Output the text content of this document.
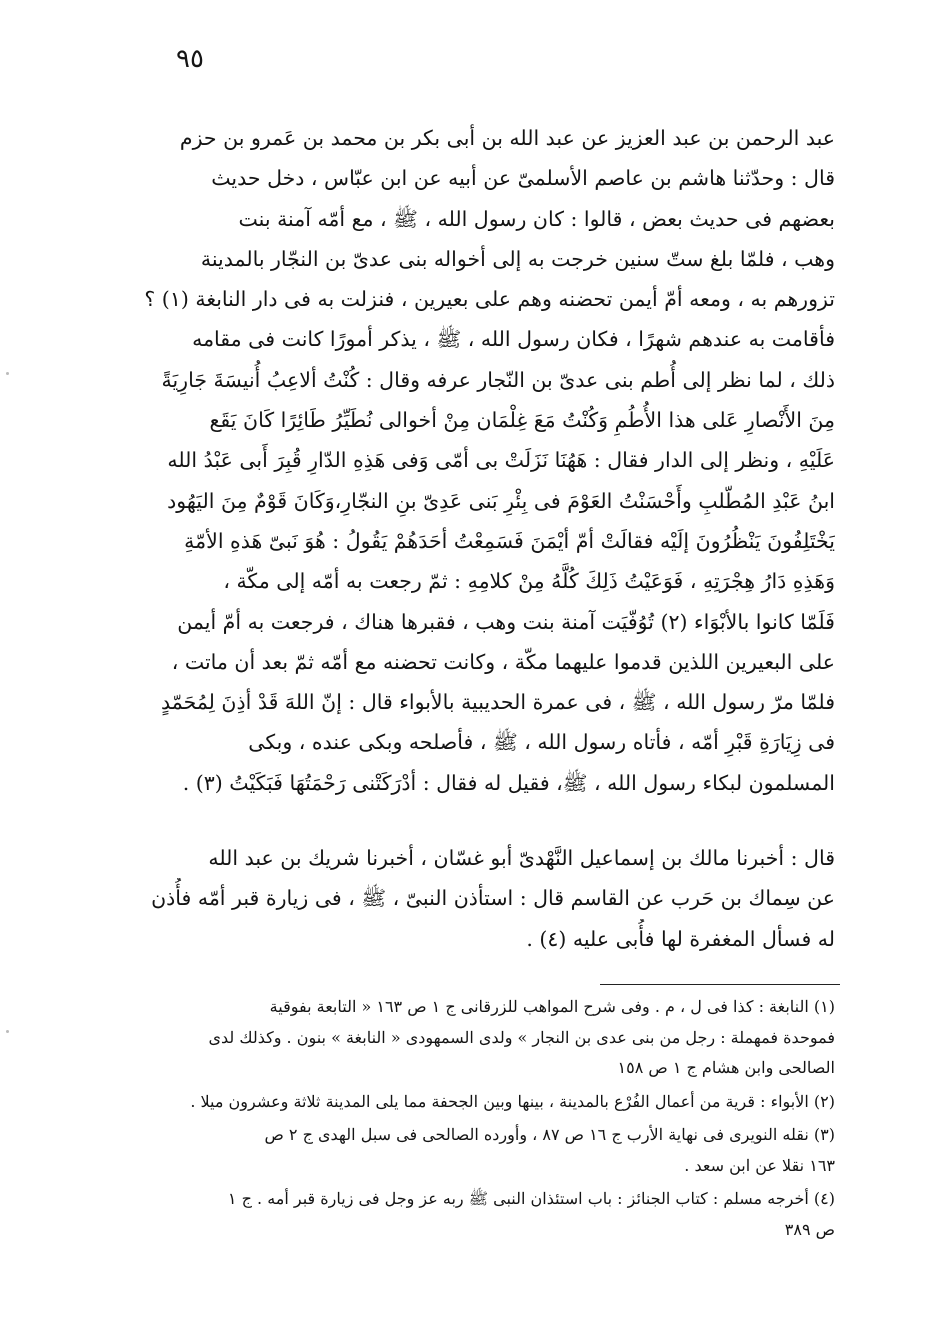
٩٥
عبد الرحمن بن عبد العزيز عن عبد الله بن أبى بكر بن محمد بن عَمرو بن حزم
قال : وحدّثنا هاشم بن عاصم الأسلمىّ عن أبيه عن ابن عبّاس ، دخل حديث
بعضهم فى حديث بعض ، قالوا : كان رسول الله ، ﷺ ، مع أمّه آمنة بنت
وهب ، فلمّا بلغ ستّ سنين خرجت به إلى أخواله بنى عدىّ بن النجّار بالمدينة
تزورهم به ، ومعه أمّ أيمن تحضنه وهم على بعيرين ، فنزلت به فى دار النابغة (١) ؟
فأقامت به عندهم شهرًا ، فكان رسول الله ، ﷺ ، يذكر أمورًا كانت فى مقامه
ذلك ، لما نظر إلى أُطم بنى عدىّ بن النّجار عرفه وقال : كُنْتُ ألاعِبُ أُنيسَةَ جَارِيَةً
مِنَ الأَنْصارِ عَلى هذا الأُطُمِ وَكُنْتُ مَعَ غِلْمَان مِنْ أخوالى نُطَيِّرُ طَائِرًا كَانَ يَقَع
عَلَيْهِ ، ونظر إلى الدار فقال : هَهُنَا نَزَلَتْ بى أمّى وَفى هَذِهِ الدّارِ قُبِرَ أَبى عَبْدُ الله
ابنُ عَبْدِ المُطّلبِ وأَحْسَنْتُ العَوْمَ فى بِئْرِ بَنى عَدِىّ بنِ النجّارِ،وَكَانَ قَوْمٌ مِنَ اليَهُود
يَخْتَلِفُونَ يَنْظُرُونَ إلَيْه فقالَتْ أمّ أيْمَنَ فَسَمِعْتُ أحَدَهُمْ يَقُولُ : هُوَ نَبىّ هَذهِ الأمّةِ
وَهَذِهِ دَارُ هِجْرَتِهِ ، فَوَعَيْتُ ذَلِكَ كُلَّهُ مِنْ كلامِهِ : ثمّ رجعت به أمّه إلى مكّة ،
فَلَمّا كانوا بالأبْوَاء (٢) تُوُفّيَت آمنة بنت وهب ، فقبرها هناك ، فرجعت به أمّ أيمن
على البعيرين اللذين قدموا عليهما مكّة ، وكانت تحضنه مع أمّه ثمّ بعد أن ماتت ،
فلمّا مرّ رسول الله ، ﷺ ، فى عمرة الحديبية بالأبواء قال : إنّ اللهَ قَدْ أذِنَ لِمُحَمّدٍ
فى زِيَارَةِ قَبْرِ أمّه ، فأتاه رسول الله ، ﷺ ، فأصلحه وبكى عنده ، وبكى
المسلمون لبكاء رسول الله ، ﷺ، فقيل له فقال : أدْرَكَتْنى رَحْمَتُهَا فَبَكَيْتُ (٣) .
قال : أخبرنا مالك بن إسماعيل النَّهْدىّ أبو غسّان ، أخبرنا شريك بن عبد الله
عن سِماك بن حَرب عن القاسم قال : استأذن النبىّ ، ﷺ ، فى زيارة قبر أمّه فأُذن
له فسأل المغفرة لها فأُبى عليه (٤) .
(١) النابغة : كذا فى ل ، م . وفى شرح المواهب للزرقانى ج ١ ص ١٦٣ « التابعة بفوقية
فموحدة فمهملة : رجل من بنى عدى بن النجار » ولدى السمهودى « النابغة » بنون . وكذلك لدى
الصالحى وابن هشام ج ١ ص ١٥٨
(٢) الأبواء : قرية من أعمال الفُرْع بالمدينة ، بينها وبين الجحفة مما يلى المدينة ثلاثة وعشرون ميلا .
(٣) نقله النويرى فى نهاية الأرب ج ١٦ ص ٨٧ ، وأورده الصالحى فى سبل الهدى ج ٢ ص
١٦٣ نقلا عن ابن سعد .
(٤) أخرجه مسلم : كتاب الجنائز : باب استئذان النبى ﷺ ربه عز وجل فى زيارة قبر أمه . ج ١
ص ٣٨٩
